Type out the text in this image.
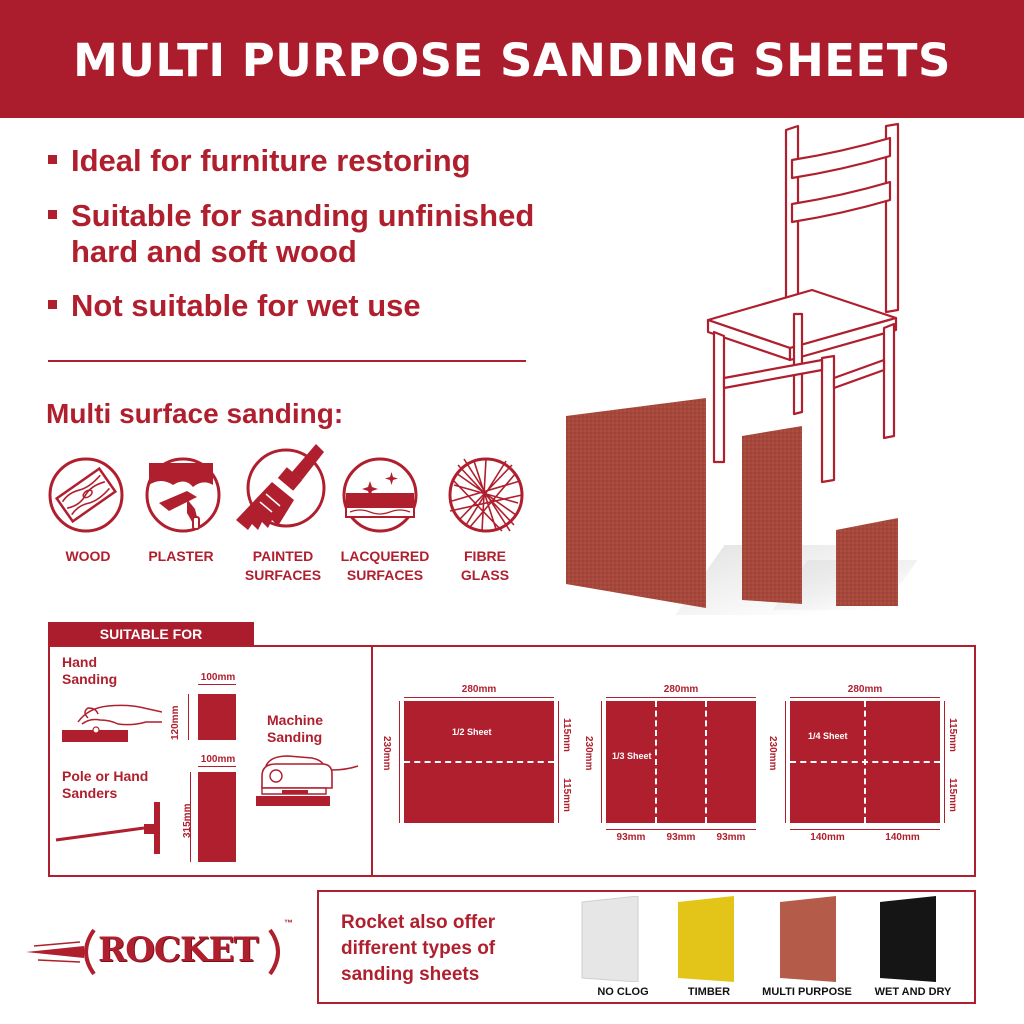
MULTI PURPOSE SANDING SHEETS
Ideal for furniture restoring
Suitable for sanding unfinished
hard and soft wood
Not suitable for wet use
Multi surface sanding:
WOOD	PLASTER	PAINTED
SURFACES
LACQUERED
SURFACES
FIBRE
GLASS
SUITABLE FOR
Hand
Sanding
Pole or Hand
Sanders
100mm
120mm
100mm
315mm
Machine
Sanding
280mm
1/2 Sheet
230mm
115mm
115mm
280mm
1/3 Sheet
230mm
93mm	93mm	93mm
280mm
1/4 Sheet
230mm
115mm
115mm
140mm	140mm
ROCKET
™	Rocket also offer
different types of
sanding sheets
NO CLOG	TIMBER	MULTI PURPOSE	WET AND DRY
